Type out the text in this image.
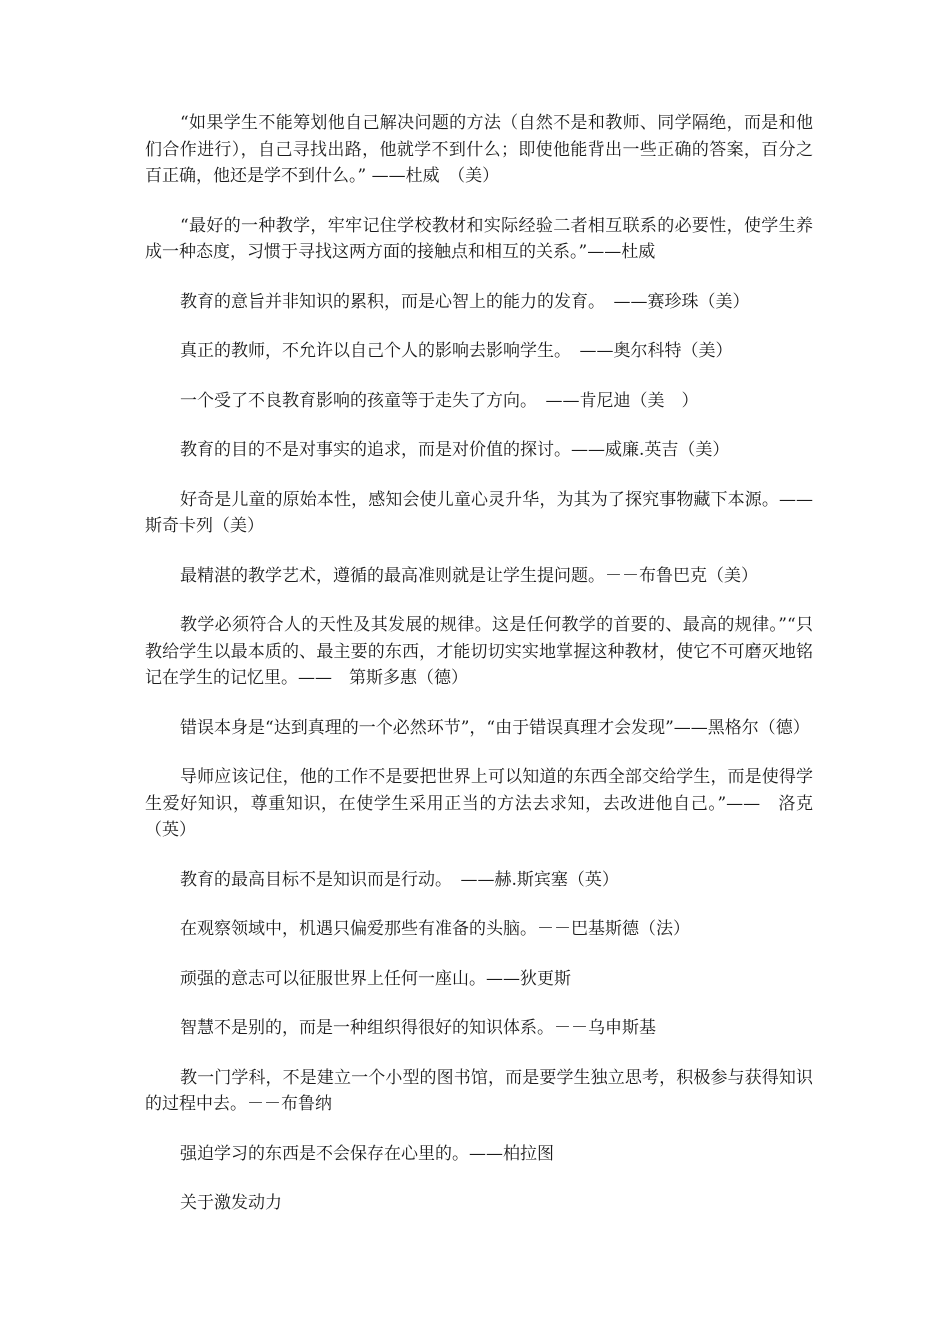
“如果学生不能筹划他自己解决问题的方法（自然不是和教师、同学隔绝，而是和他们合作进行），自己寻找出路，他就学不到什么；即使他能背出一些正确的答案，百分之百正确，他还是学不到什么。” ——杜威　（美）

“最好的一种教学，牢牢记住学校教材和实际经验二者相互联系的必要性，使学生养成一种态度，习惯于寻找这两方面的接触点和相互的关系。”——杜威

教育的意旨并非知识的累积，而是心智上的能力的发育。　——赛珍珠（美）

真正的教师，不允许以自己个人的影响去影响学生。　——奥尔科特（美）

一个受了不良教育影响的孩童等于走失了方向。　——肯尼迪（美　）

教育的目的不是对事实的追求，而是对价值的探讨。——威廉.英吉（美）

好奇是儿童的原始本性，感知会使儿童心灵升华，为其为了探究事物藏下本源。——斯奇卡列（美）

最精湛的教学艺术，遵循的最高准则就是让学生提问题。－－布鲁巴克（美）

教学必须符合人的天性及其发展的规律。这是任何教学的首要的、最高的规律。”“只教给学生以最本质的、最主要的东西，才能切切实实地掌握这种教材，使它不可磨灭地铭记在学生的记忆里。——　第斯多惠（德）

错误本身是“达到真理的一个必然环节”，“由于错误真理才会发现”——黑格尔（德）

导师应该记住，他的工作不是要把世界上可以知道的东西全部交给学生，而是使得学生爱好知识，尊重知识，在使学生采用正当的方法去求知，去改进他自己。”——　洛克（英）

教育的最高目标不是知识而是行动。　——赫.斯宾塞（英）

在观察领域中，机遇只偏爱那些有准备的头脑。－－巴基斯德（法）

顽强的意志可以征服世界上任何一座山。——狄更斯

智慧不是别的，而是一种组织得很好的知识体系。－－乌申斯基

教一门学科，不是建立一个小型的图书馆，而是要学生独立思考，积极参与获得知识的过程中去。－－布鲁纳

强迫学习的东西是不会保存在心里的。——柏拉图

关于激发动力
